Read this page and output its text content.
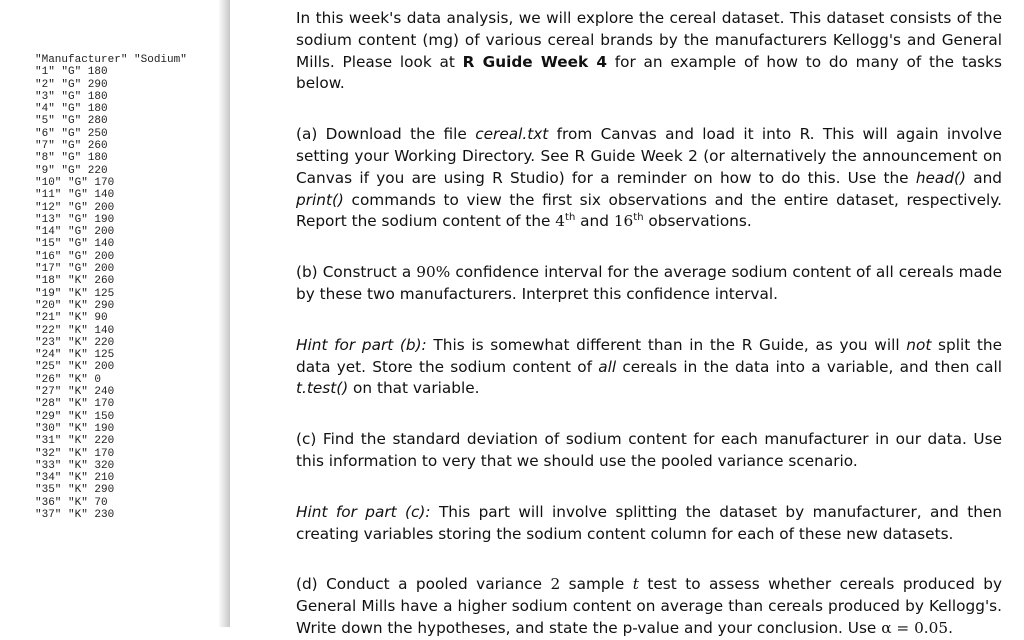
"Manufacturer" "Sodium"
"1" "G" 180
"2" "G" 290
"3" "G" 180
"4" "G" 180
"5" "G" 280
"6" "G" 250
"7" "G" 260
"8" "G" 180
"9" "G" 220
"10" "G" 170
"11" "G" 140
"12" "G" 200
"13" "G" 190
"14" "G" 200
"15" "G" 140
"16" "G" 200
"17" "G" 200
"18" "K" 260
"19" "K" 125
"20" "K" 290
"21" "K" 90
"22" "K" 140
"23" "K" 220
"24" "K" 125
"25" "K" 200
"26" "K" 0
"27" "K" 240
"28" "K" 170
"29" "K" 150
"30" "K" 190
"31" "K" 220
"32" "K" 170
"33" "K" 320
"34" "K" 210
"35" "K" 290
"36" "K" 70
"37" "K" 230

In this week's data analysis, we will explore the cereal dataset. This dataset consists of the sodium content (mg) of various cereal brands by the manufacturers Kellogg's and General Mills. Please look at R Guide Week 4 for an example of how to do many of the tasks below.

(a) Download the file cereal.txt from Canvas and load it into R. This will again involve setting your Working Directory. See R Guide Week 2 (or alternatively the announcement on Canvas if you are using R Studio) for a reminder on how to do this. Use the head() and print() commands to view the first six observations and the entire dataset, respectively. Report the sodium content of the 4th and 16th observations.

(b) Construct a 90% confidence interval for the average sodium content of all cereals made by these two manufacturers. Interpret this confidence interval.

Hint for part (b): This is somewhat different than in the R Guide, as you will not split the data yet. Store the sodium content of all cereals in the data into a variable, and then call t.test() on that variable.

(c) Find the standard deviation of sodium content for each manufacturer in our data. Use this information to very that we should use the pooled variance scenario.

Hint for part (c): This part will involve splitting the dataset by manufacturer, and then creating variables storing the sodium content column for each of these new datasets.

(d) Conduct a pooled variance 2 sample t test to assess whether cereals produced by General Mills have a higher sodium content on average than cereals produced by Kellogg's. Write down the hypotheses, and state the p-value and your conclusion. Use α = 0.05.
